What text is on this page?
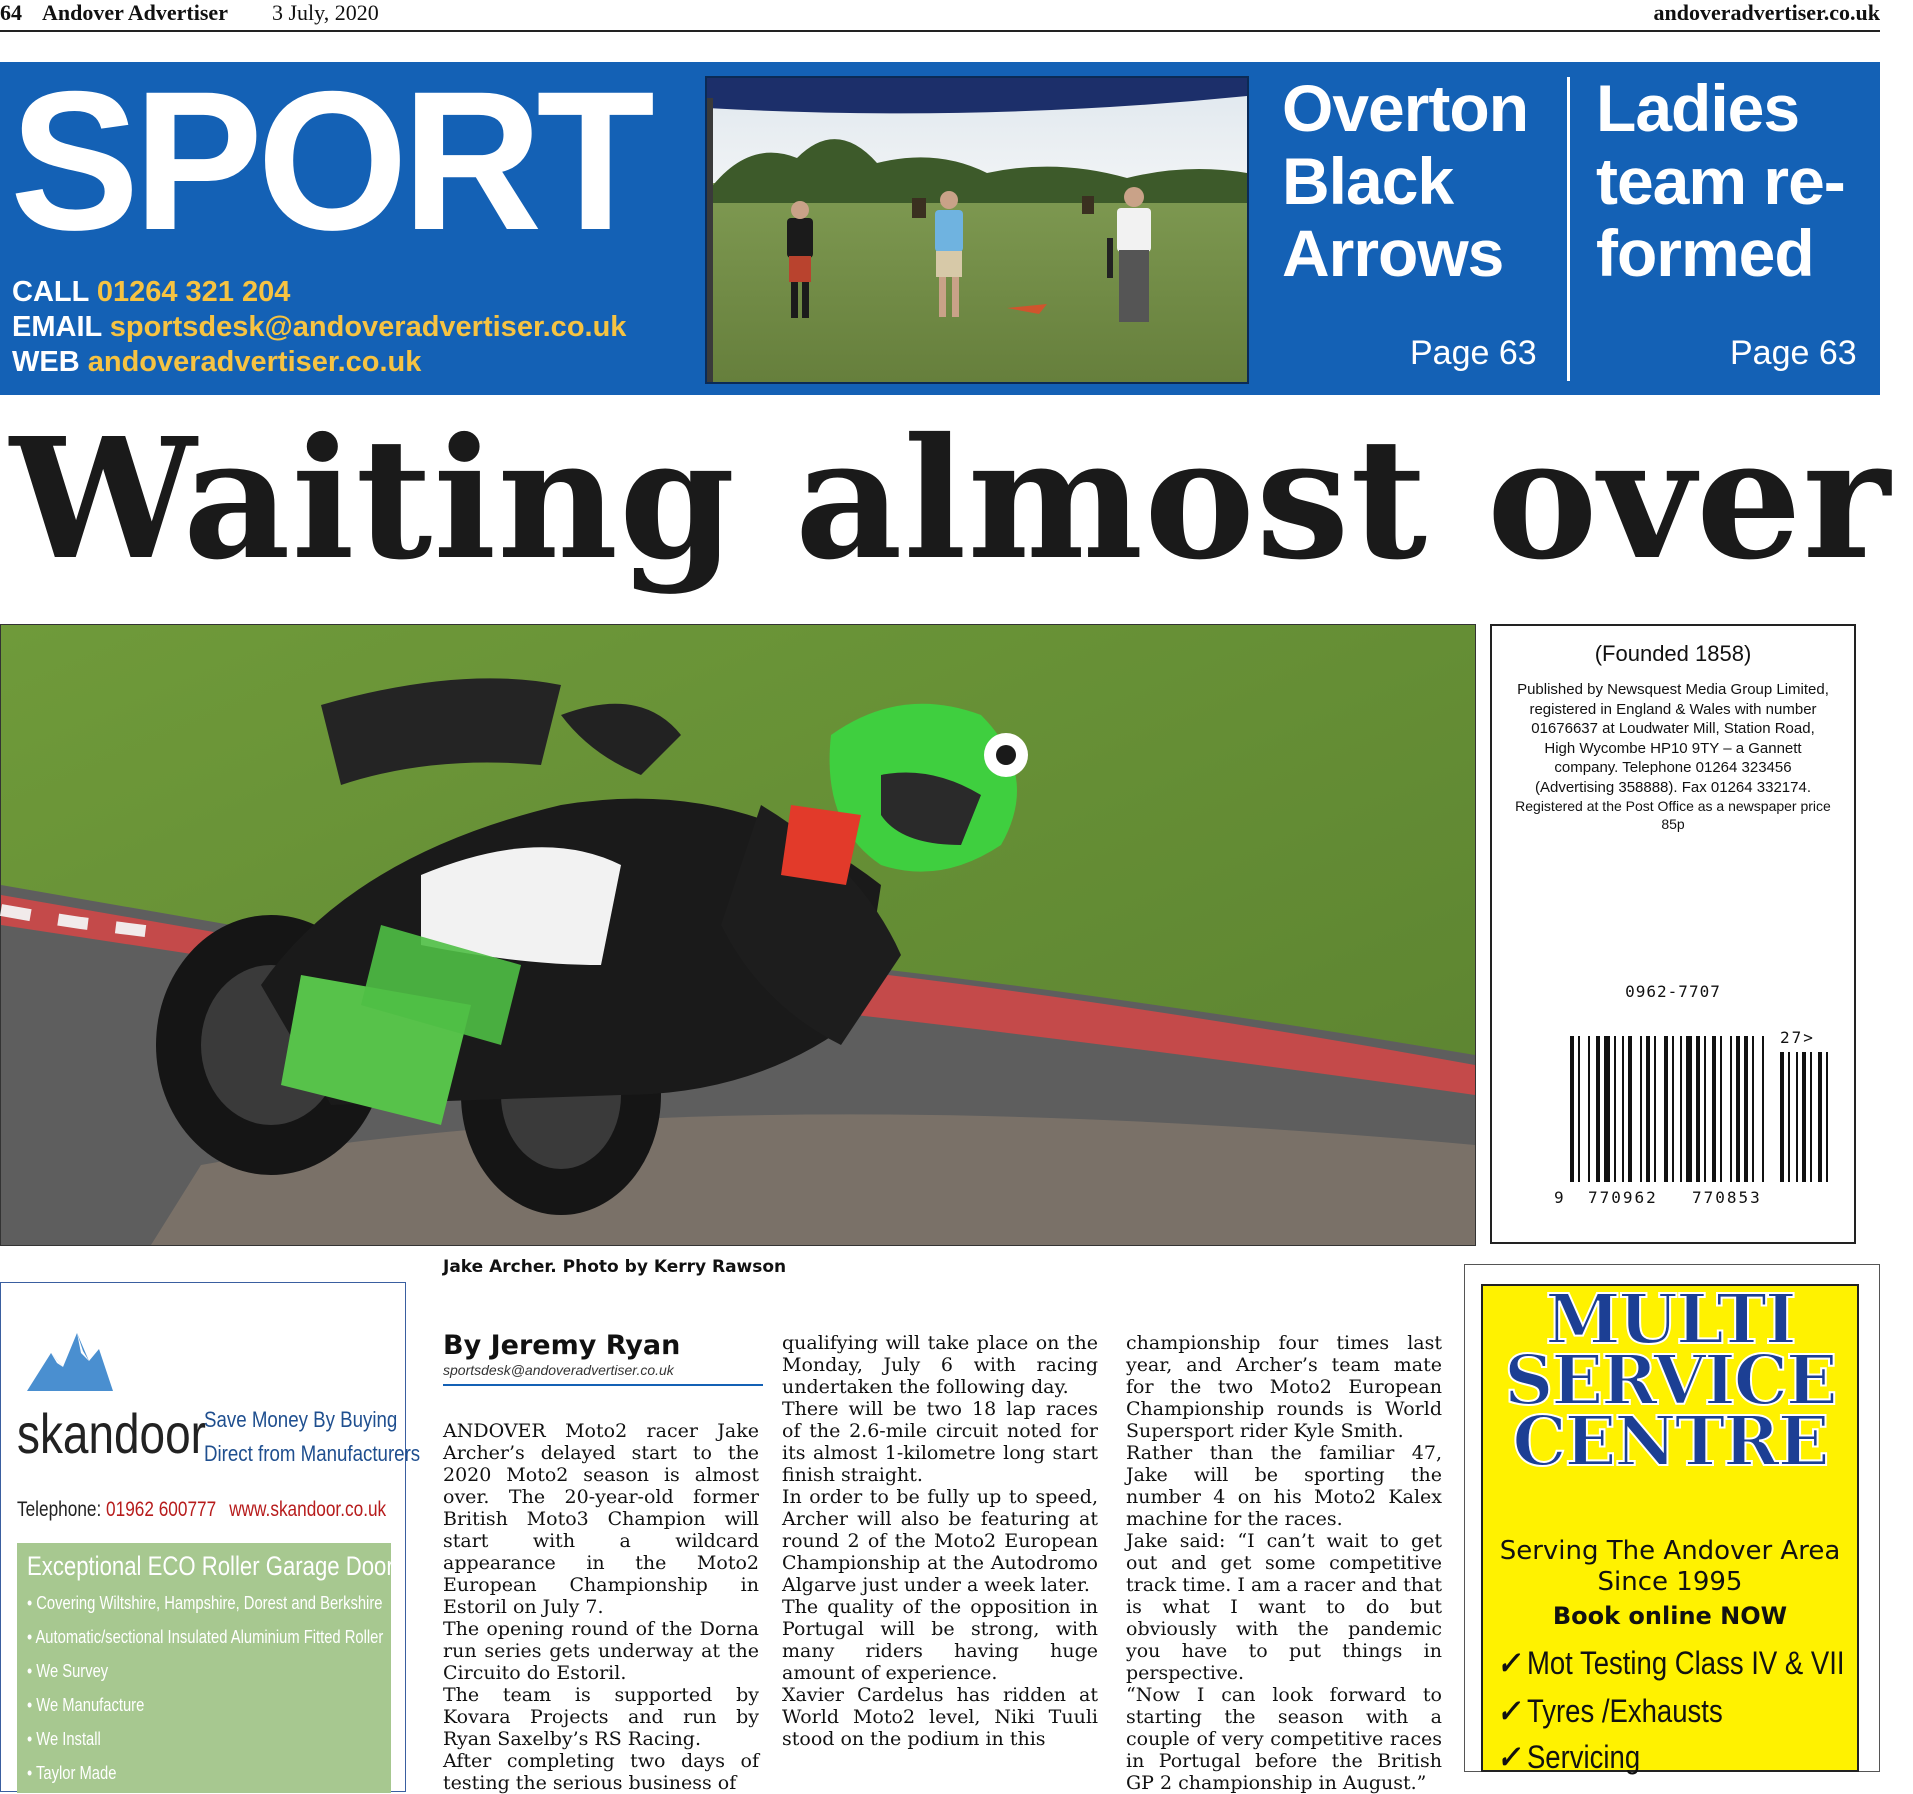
64 Andover Advertiser 3 July, 2020	andoveradvertiser.co.uk
SPORT
CALL 01264 321 204
EMAIL sportsdesk@andoveradvertiser.co.uk
WEB andoveradvertiser.co.uk
Overton
Black
Arrows
Page 63
Ladies
team re-
formed
Page 63
Waiting almost over
(Founded 1858)
Published by Newsquest Media Group Limited, registered in England & Wales with number 01676637 at Loudwater Mill, Station Road, High Wycombe HP10 9TY – a Gannett company. Telephone 01264 323456 (Advertising 358888). Fax 01264 332174.
Registered at the Post Office as a newspaper price 85p
0962-7707
27>
9 770962 770853
Jake Archer. Photo by Kerry Rawson
skandoor
Save Money By Buying
Direct from Manufacturers
Telephone: 01962 600777 www.skandoor.co.uk
Exceptional ECO Roller Garage Doors
• Covering Wiltshire, Hampshire, Dorest and Berkshire
• Automatic/sectional Insulated Aluminium Fitted Roller
• We Survey
• We Manufacture
• We Install
• Taylor Made
By Jeremy Ryan
sportsdesk@andoveradvertiser.co.uk
ANDOVER Moto2 racer Jake Archer’s delayed start to the 2020 Moto2 season is almost over. The 20-year-old former British Moto3 Champion will start with a wildcard appearance in the Moto2 European Championship in Estoril on July 7.
The opening round of the Dorna run series gets underway at the Circuito do Estoril.
The team is supported by Kovara Projects and run by Ryan Saxelby’s RS Racing.
After completing two days of testing the serious business of
qualifying will take place on the Monday, July 6 with racing undertaken the following day.
There will be two 18 lap races of the 2.6-mile circuit noted for its almost 1-kilometre long start finish straight.
In order to be fully up to speed, Archer will also be featuring at round 2 of the Moto2 European Championship at the Autodromo Algarve just under a week later.
The quality of the opposition in Portugal will be strong, with many riders having huge amount of experience.
Xavier Cardelus has ridden at World Moto2 level, Niki Tuuli stood on the podium in this
championship four times last year, and Archer’s team mate for the two Moto2 European Championship rounds is World Supersport rider Kyle Smith.
Rather than the familiar 47, Jake will be sporting the number 4 on his Moto2 Kalex machine for the races.
Jake said: “I can’t wait to get out and get some competitive track time. I am a racer and that is what I want to do but obviously with the pandemic you have to put things in perspective.
“Now I can look forward to starting the season with a couple of very competitive races in Portugal before the British GP 2 championship in August.”
MULTI
SERVICE
CENTRE
Serving The Andover Area
Since 1995
Book online NOW
✓ Mot Testing Class IV & VII
✓ Tyres /Exhausts
✓ Servicing
